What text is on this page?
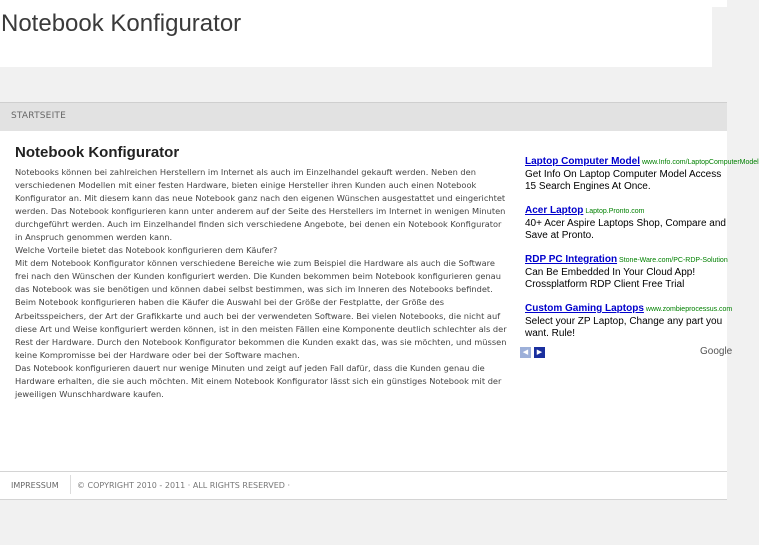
Notebook Konfigurator
STARTSEITE
Notebook Konfigurator

Notebooks können bei zahlreichen Herstellern im Internet als auch im Einzelhandel gekauft werden. Neben den verschiedenen Modellen mit einer festen Hardware, bieten einige Hersteller ihren Kunden auch einen Notebook Konfigurator an. Mit diesem kann das neue Notebook ganz nach den eigenen Wünschen ausgestattet und eingerichtet werden. Das Notebook konfigurieren kann unter anderem auf der Seite des Herstellers im Internet in wenigen Minuten durchgeführt werden. Auch im Einzelhandel finden sich verschiedene Angebote, bei denen ein Notebook Konfigurator in Anspruch genommen werden kann.

Welche Vorteile bietet das Notebook konfigurieren dem Käufer?

Mit dem Notebook Konfigurator können verschiedene Bereiche wie zum Beispiel die Hardware als auch die Software frei nach den Wünschen der Kunden konfiguriert werden. Die Kunden bekommen beim Notebook konfigurieren genau das Notebook was sie benötigen und können dabei selbst bestimmen, was sich im Inneren des Notebooks befindet.

Beim Notebook konfigurieren haben die Käufer die Auswahl bei der Größe der Festplatte, der Größe des Arbeitsspeichers, der Art der Grafikkarte und auch bei der verwendeten Software. Bei vielen Notebooks, die nicht auf diese Art und Weise konfiguriert werden können, ist in den meisten Fällen eine Komponente deutlich schlechter als der Rest der Hardware. Durch den Notebook Konfigurator bekommen die Kunden exakt das, was sie möchten, und müssen keine Kompromisse bei der Hardware oder bei der Software machen.

Das Notebook konfigurieren dauert nur wenige Minuten und zeigt auf jeden Fall dafür, dass die Kunden genau die Hardware erhalten, die sie auch möchten. Mit einem Notebook Konfigurator lässt sich ein günstiges Notebook mit der jeweiligen Wunschhardware kaufen.

Laptop Computer Model www.Info.com/LaptopComputerModel
Get Info On Laptop Computer Model Access 15 Search Engines At Once.
Acer Laptop Laptop.Pronto.com
40+ Acer Aspire Laptops Shop, Compare and Save at Pronto.
RDP PC Integration Stone-Ware.com/PC-RDP-Solution
Can Be Embedded In Your Cloud App! Crossplatform RDP Client Free Trial
Custom Gaming Laptops www.zombieprocessus.com
Select your ZP Laptop, Change any part you want. Rule!
◀	▶	Google
IMPRESSUM © COPYRIGHT 2010 - 2011 · ALL RIGHTS RESERVED ·
